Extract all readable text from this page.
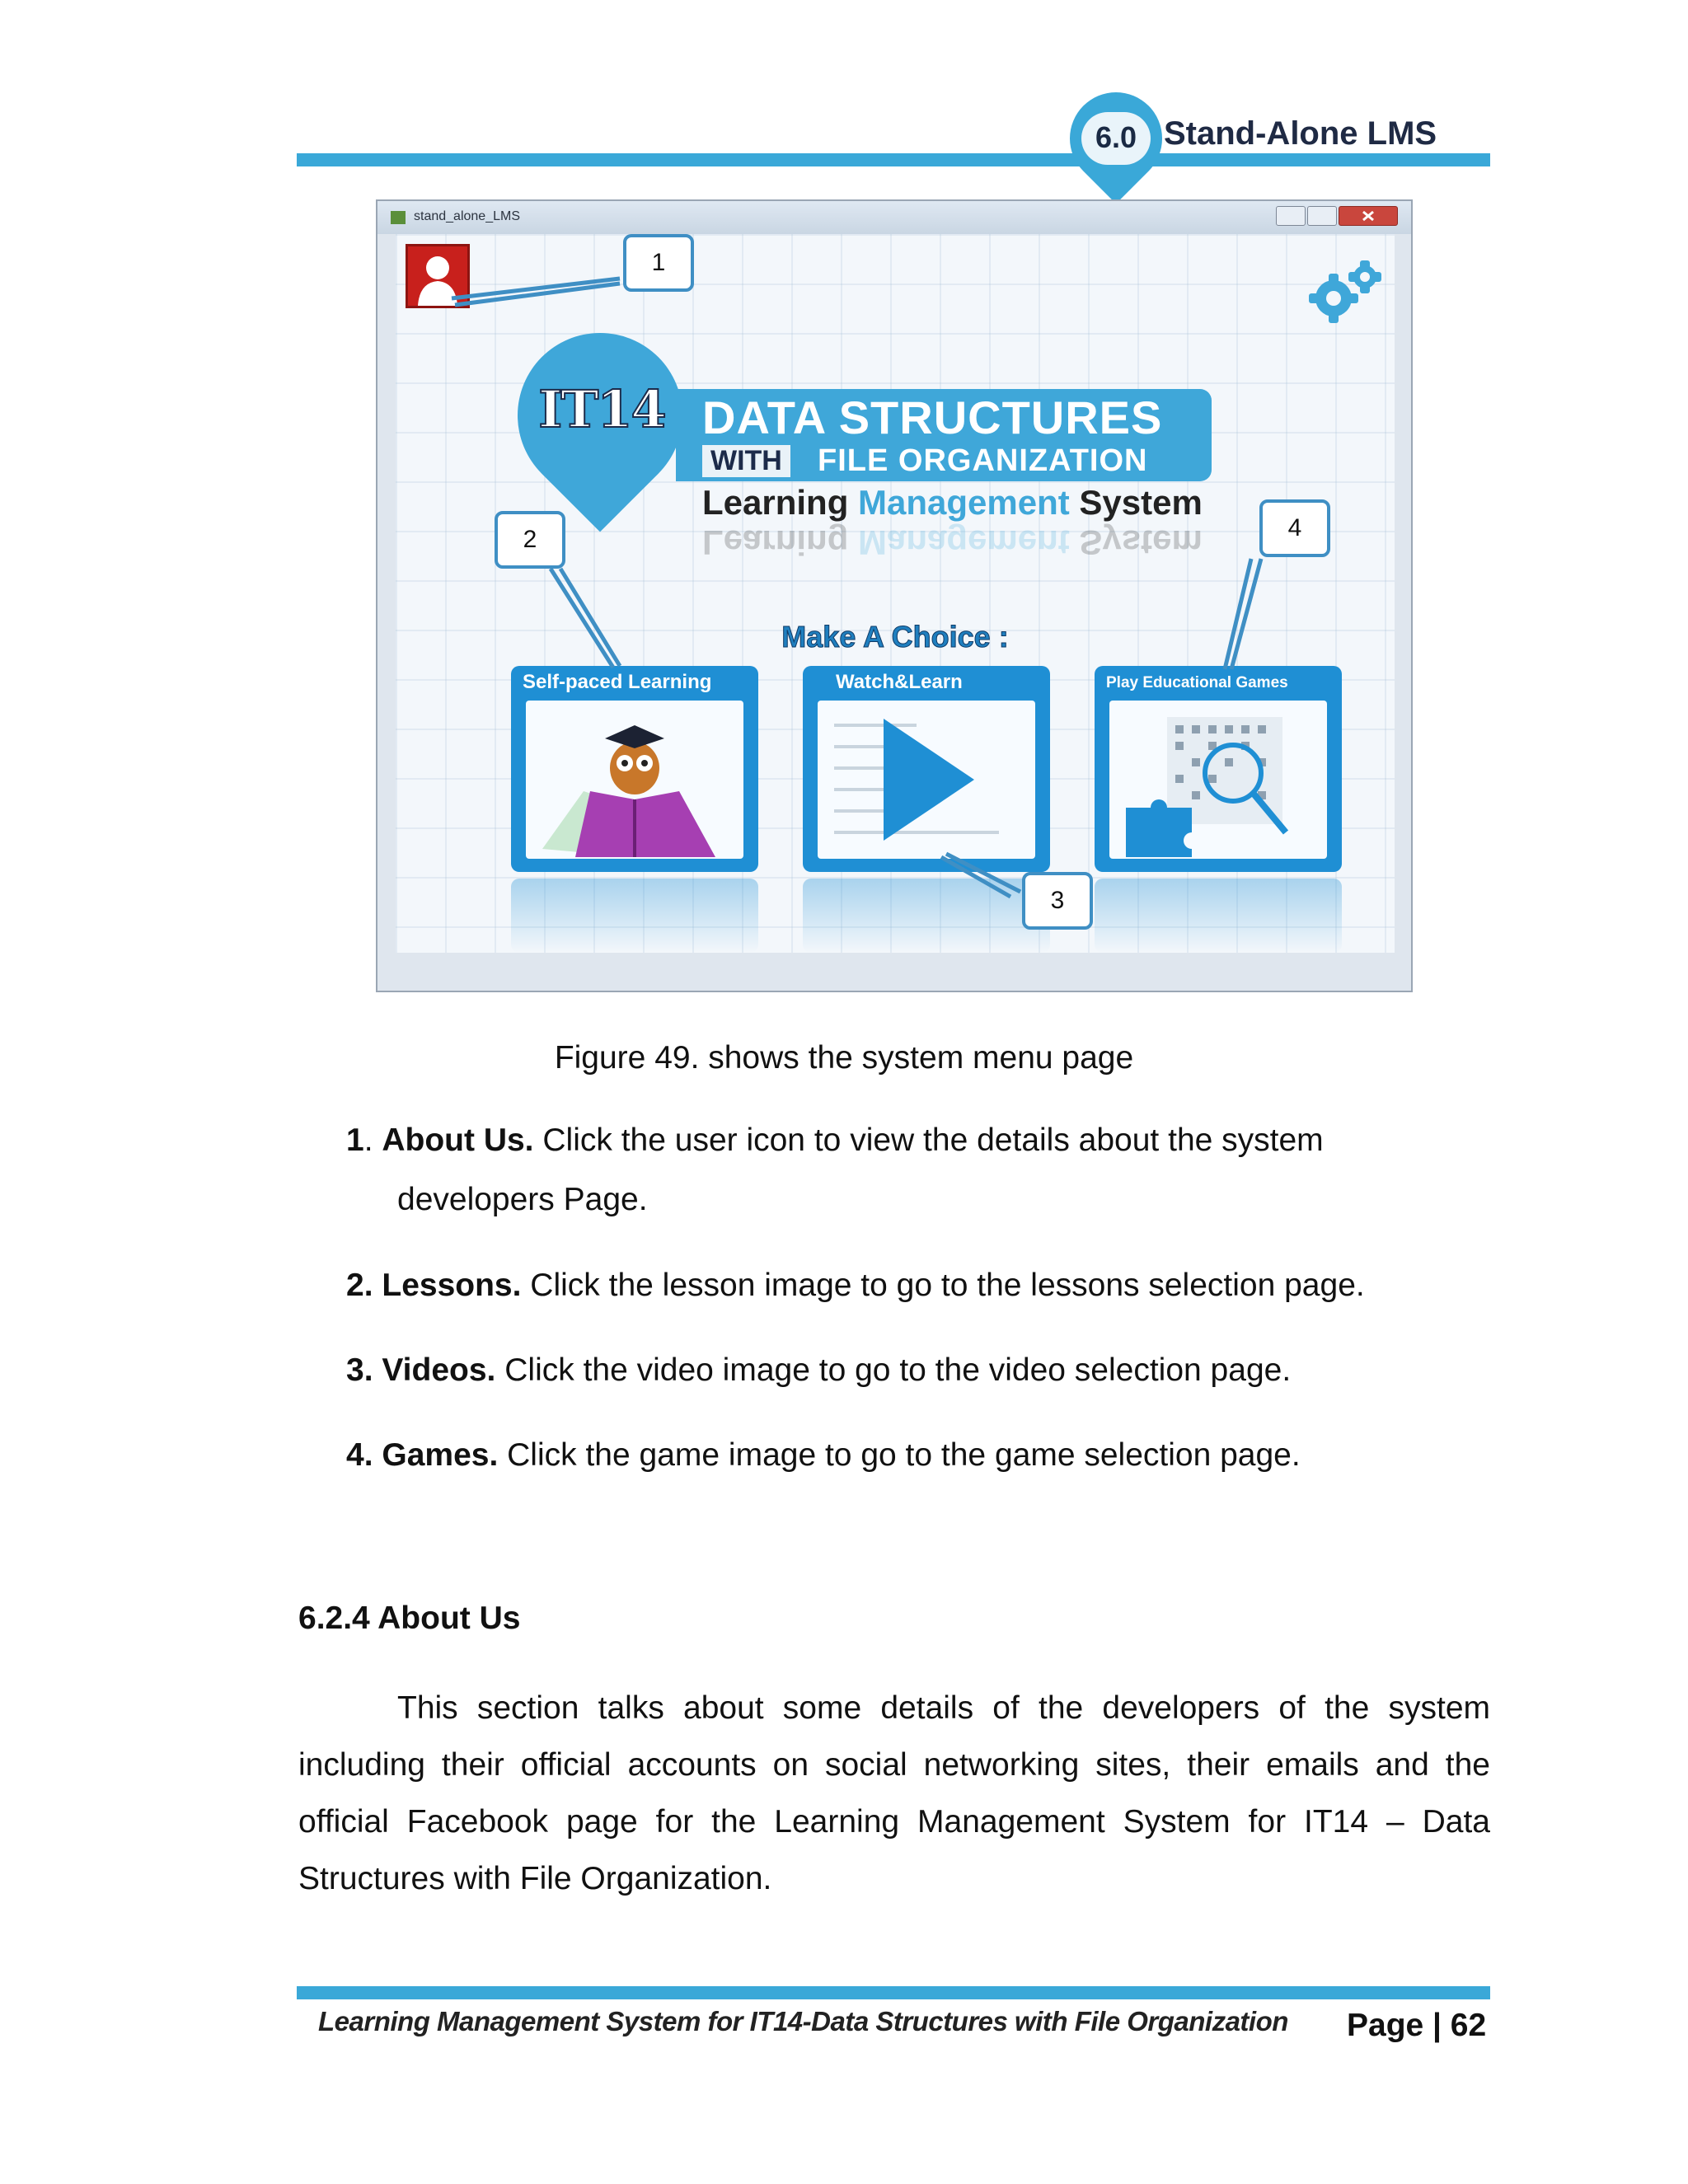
6.0 Stand-Alone LMS
stand_alone_LMS
IT14 DATA STRUCTURES
WITH FILE ORGANIZATION
Learning Management System
Learning Management System
Make A Choice :
Self-paced Learning	Watch&Learn	Play Educational Games
1
2
3
4
Figure 49. shows the system menu page
1. About Us. Click the user icon to view the details about the system
developers Page.
2. Lessons. Click the lesson image to go to the lessons selection page.
3. Videos. Click the video image to go to the video selection page.
4. Games. Click the game image to go to the game selection page.
6.2.4 About Us
This section talks about some details of the developers of the system including their official accounts on social networking sites, their emails and the official Facebook page for the Learning Management System for IT14 – Data Structures with File Organization.
Learning Management System for IT14-Data Structures with File Organization Page | 62
